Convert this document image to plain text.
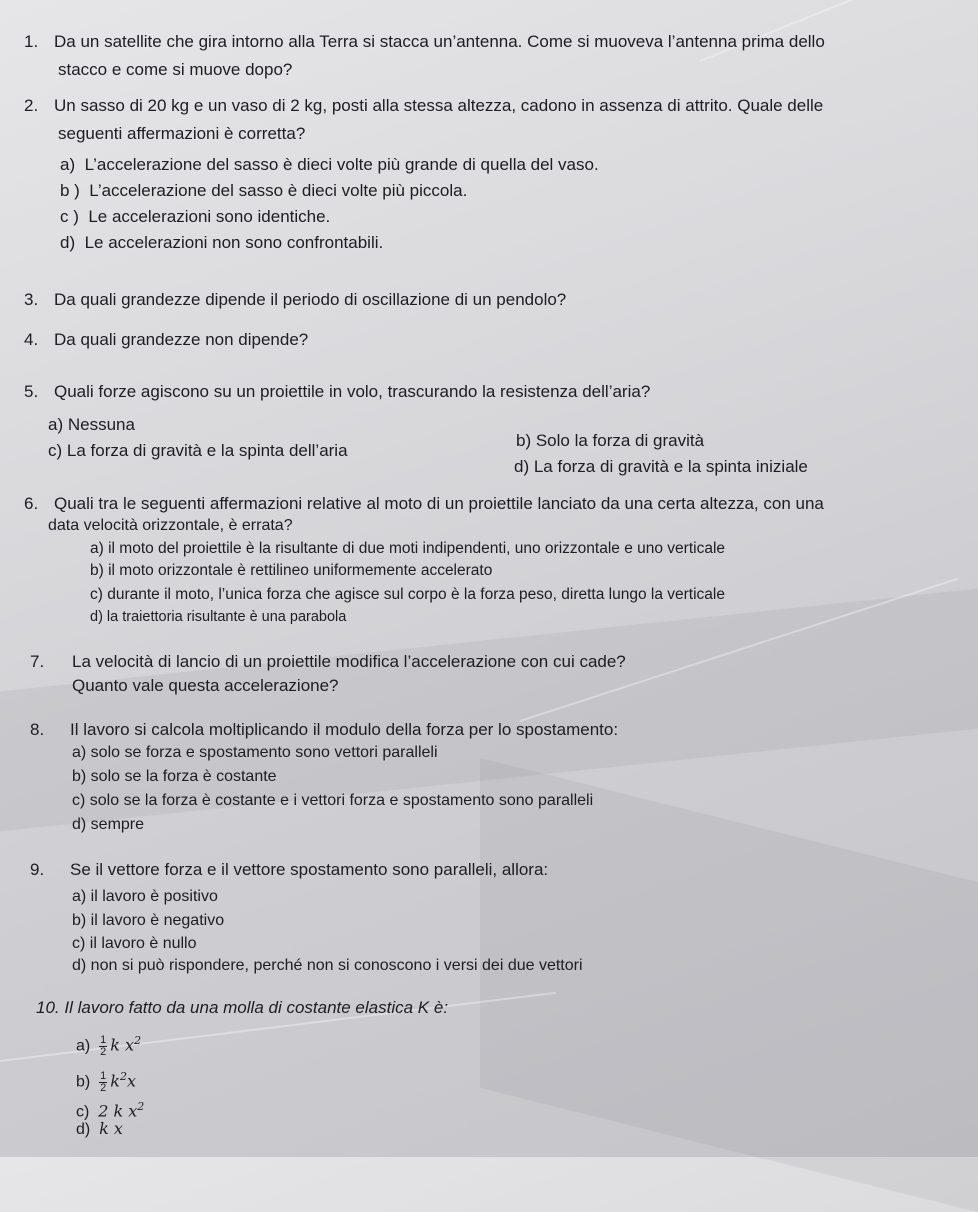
1. Da un satellite che gira intorno alla Terra si stacca un’antenna. Come si muoveva l’antenna prima dello
stacco e come si muove dopo?
2. Un sasso di 20 kg e un vaso di 2 kg, posti alla stessa altezza, cadono in assenza di attrito. Quale delle
seguenti affermazioni è corretta?
a) L’accelerazione del sasso è dieci volte più grande di quella del vaso.
b ) L’accelerazione del sasso è dieci volte più piccola.
c ) Le accelerazioni sono identiche.
d) Le accelerazioni non sono confrontabili.
3. Da quali grandezze dipende il periodo di oscillazione di un pendolo?
4. Da quali grandezze non dipende?
5. Quali forze agiscono su un proiettile in volo, trascurando la resistenza dell’aria?
a) Nessuna
b) Solo la forza di gravità
c) La forza di gravità e la spinta dell’aria
d) La forza di gravità e la spinta iniziale
6. Quali tra le seguenti affermazioni relative al moto di un proiettile lanciato da una certa altezza, con una
data velocità orizzontale, è errata?
a) il moto del proiettile è la risultante di due moti indipendenti, uno orizzontale e uno verticale
b) il moto orizzontale è rettilineo uniformemente accelerato
c) durante il moto, l’unica forza che agisce sul corpo è la forza peso, diretta lungo la verticale
d) la traiettoria risultante è una parabola
7. La velocità di lancio di un proiettile modifica l’accelerazione con cui cade?
Quanto vale questa accelerazione?
8. Il lavoro si calcola moltiplicando il modulo della forza per lo spostamento:
a) solo se forza e spostamento sono vettori paralleli
b) solo se la forza è costante
c) solo se la forza è costante e i vettori forza e spostamento sono paralleli
d) sempre
9. Se il vettore forza e il vettore spostamento sono paralleli, allora:
a) il lavoro è positivo
b) il lavoro è negativo
c) il lavoro è nullo
d) non si può rispondere, perché non si conoscono i versi dei due vettori
10. Il lavoro fatto da una molla di costante elastica K è:
$a) \frac{1}{2}$ k $x^2$
$b) \frac{1}{2} k^2x$
c) 2 k $x^2$
d) k x
